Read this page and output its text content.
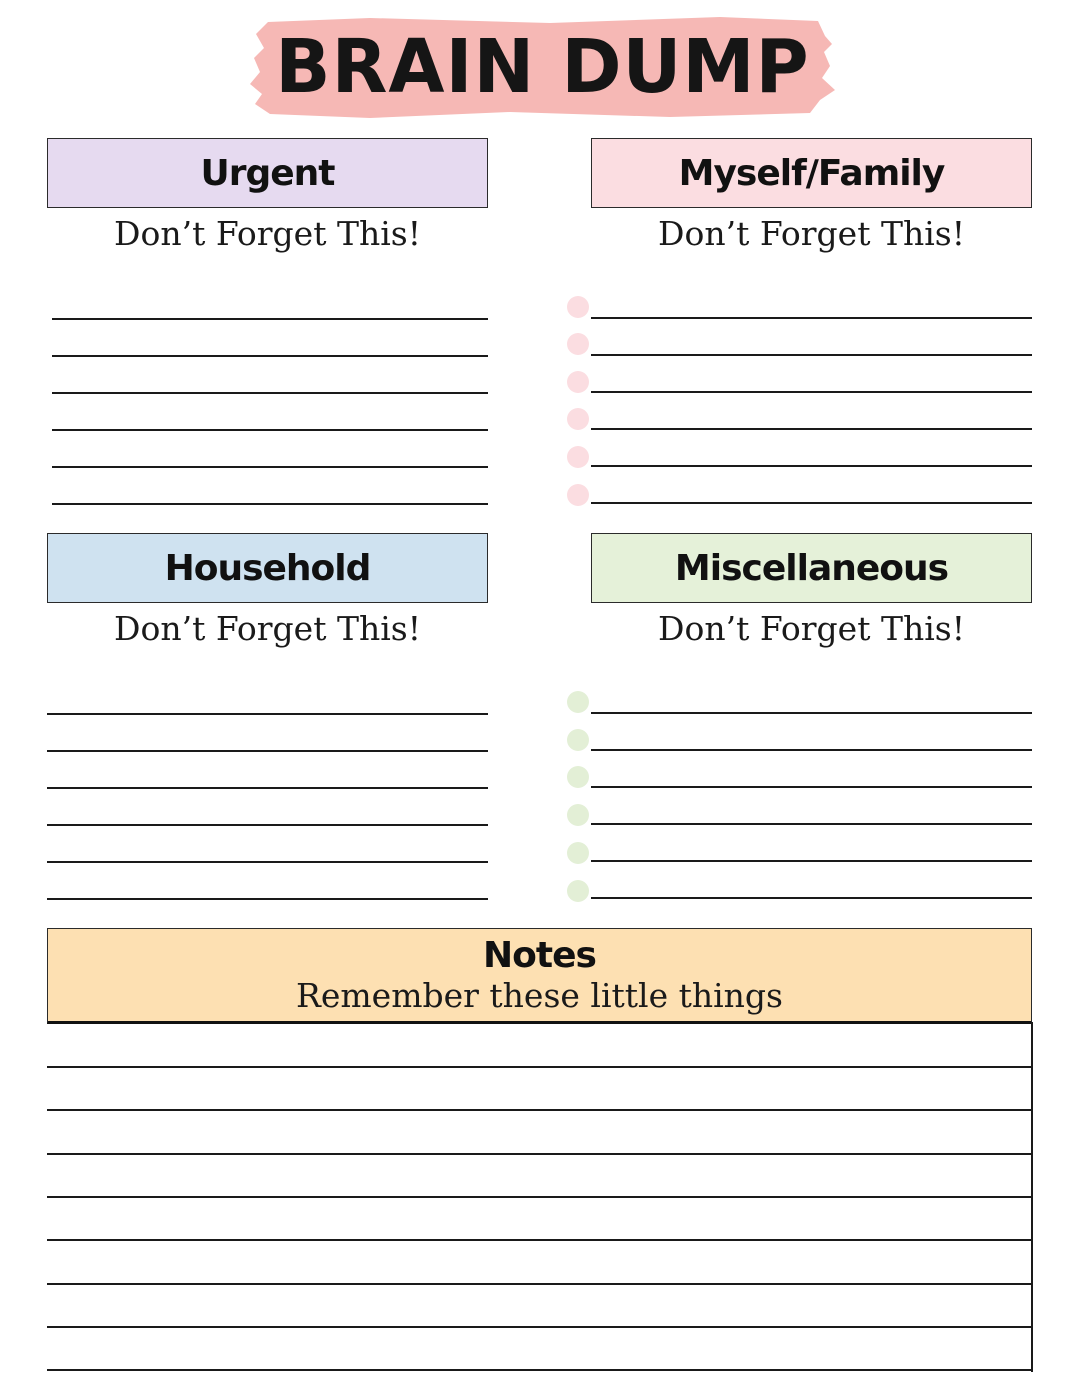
BRAIN DUMP
Urgent
Don’t Forget This!
Myself/Family
Don’t Forget This!
Household
Don’t Forget This!
Miscellaneous
Don’t Forget This!
Notes
Remember these little things
